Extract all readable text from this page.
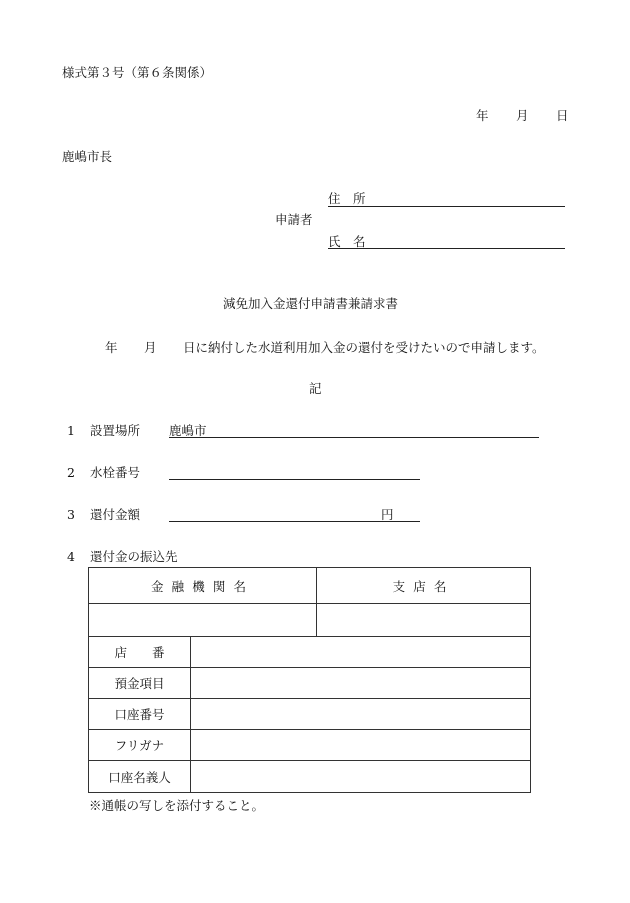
様式第３号（第６条関係）
年 月 日
鹿嶋市長
住　所
申請者
氏　名
減免加入金還付申請書兼請求書
年 月 日に納付した水道利用加入金の還付を受けたいので申請します。
記
1 設置場所 鹿嶋市
2 水栓番号
3 還付金額	円
4 還付金の振込先
金融機関名		支店名

店　　番		
預金項目		
口座番号		
フリガナ		
口座名義人		
※通帳の写しを添付すること。
